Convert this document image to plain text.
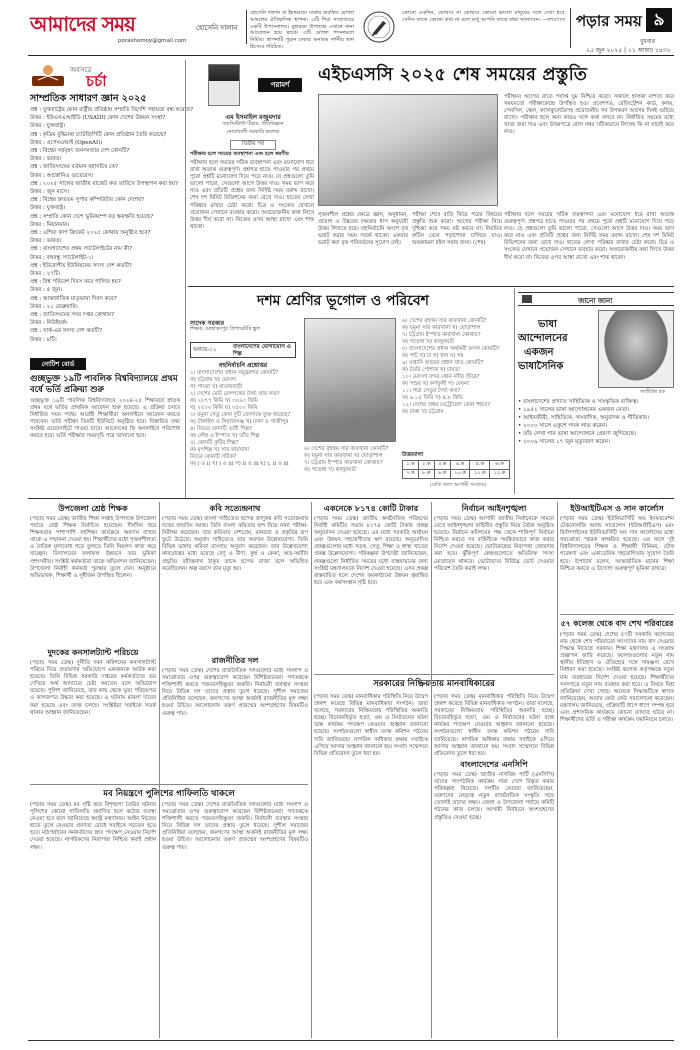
আমাদের সময়
porashomoy@gmail.com
হোসেনি দালান
হোসেনি দালান বা ইমামবাড়া ঢাকায় অবস্থিত মোগল আমলের ঐতিহাসিক স্থাপনা। এটি শিয়া সম্প্রদায়ের একটি উপাসনালয়। মুহাররম উপলক্ষে এখানে নানা আয়োজন হয়ে থাকে। এটি মোগল শাসনামলে নির্মিত। স্থাপনাটি পুরান ঢাকার অন্যতম দর্শনীয় স্থান হিসেবে পরিচিত।
কোনো একদিন, কোথাও না কোথাও কোনো ভালো মানুষের সঙ্গে দেখা হবে, সেদিন তাকে কোনো কথা না বলে শুধু আপনি তাকে শ্রদ্ধা জানাবেন। —লাওৎসে পড়ার সময় ৯
বুধবার
২৫ জুন ২০২৫ | ১১ আষাঢ় ১৪৩২
অবসরে
চর্চা
সাম্প্রতিক সাধারণ জ্ঞান ২০২৫
প্রশ্ন : যুক্তরাষ্ট্রের কোন রাষ্ট্রীয় প্রতিষ্ঠান সম্প্রতি বিদেশি সহায়তা বন্ধ করেছে?
উত্তর : ইউএসএআইডি (USAID) কোন দেশের উন্নয়ন সংস্থা?
উত্তর : যুক্তরাষ্ট্র।
প্রশ্ন : কৃত্রিম বুদ্ধিমত্তা চ্যাটজিপিটি কোন প্রতিষ্ঠান তৈরি করেছে?
উত্তর : ওপেনএআই (OpenAI)।
প্রশ্ন : বিশ্বের সর্ববৃহৎ জনসংখ্যার দেশ কোনটি?
উত্তর : ভারত।
প্রশ্ন : জাতিসংঘের বর্তমান মহাসচিব কে?
উত্তর : আন্তোনিও গুতেরেস।
প্রশ্ন : ২০২৫ সালের জাতীয় বাজেট কত তারিখে উপস্থাপন করা হয়?
উত্তর : জুন মাসে।
প্রশ্ন : বিশ্বের দ্রুততম সুপার কম্পিউটার কোন দেশের?
উত্তর : যুক্তরাষ্ট্র।
প্রশ্ন : সম্প্রতি কোন দেশে ভূমিকম্পে বড় ক্ষয়ক্ষতি হয়েছে?
উত্তর : মিয়ানমার।
প্রশ্ন : এশিয়া কাপ ক্রিকেট ২০২৫ কোথায় অনুষ্ঠিত হবে?
উত্তর : ভারত।
প্রশ্ন : বাংলাদেশের প্রথম স্যাটেলাইটের নাম কী?
উত্তর : বঙ্গবন্ধু স্যাটেলাইট-১।
প্রশ্ন : ইউরোপীয় ইউনিয়নের সদস্য দেশ কতটি?
উত্তর : ২৭টি।
প্রশ্ন : বিশ্ব পরিবেশ দিবস কবে পালিত হয়?
উত্তর : ৫ জুন।
প্রশ্ন : আন্তর্জাতিক মাতৃভাষা দিবস কবে?
উত্তর : ২১ ফেব্রুয়ারি।
প্রশ্ন : জাতিসংঘের সদর দপ্তর কোথায়?
উত্তর : নিউইয়র্ক।
প্রশ্ন : সার্ক-এর সদস্য দেশ কতটি?
উত্তর : ৮টি।
নোটিশ বোর্ড
গুচ্ছভুক্ত ১৯টি পাবলিক বিশ্ববিদ্যালয়ে প্রথম বর্ষে ভর্তি প্রক্রিয়া শুরু
গুচ্ছভুক্ত ১৯টি পাবলিক বিশ্ববিদ্যালয়ে ২০২৪-২৫ শিক্ষাবর্ষে স্নাতক প্রথম বর্ষে ভর্তির প্রাথমিক আবেদন শুরু হয়েছে। এ প্রক্রিয়া চলবে নির্ধারিত সময় পর্যন্ত। আগ্রহী শিক্ষার্থীরা অনলাইনে আবেদন করতে পারবেন। ভর্তি পরীক্ষা তিনটি ইউনিটে অনুষ্ঠিত হবে। বিস্তারিত তথ্য সংশ্লিষ্ট ওয়েবসাইটে পাওয়া যাবে। আবেদনের ফি অনলাইনে পরিশোধ করতে হবে। ভর্তি পরীক্ষার সময়সূচি পরে জানানো হবে।
পরামর্শ
এম ইসমাইল মজুমদার
অ্যাসিস্ট্যান্ট টিচার, জীববিজ্ঞান
নোয়াখালী সরকারি কলেজ
দ্বিতীয় পর্ব
পরীক্ষার হলে সময়ের ব্যবস্থাপনা এবং হলে করণীয়
পরীক্ষার হলে সময়ের সঠিক ব্যবস্থাপনা এবং মনোযোগ ধরে রাখা অত্যন্ত গুরুত্বপূর্ণ। প্রশ্নপত্র হাতে পাওয়ার পর প্রথমে পুরো প্রশ্নটি মনোযোগ দিয়ে পড়ে নাও। যে প্রশ্নগুলো তুমি ভালো পারো, সেগুলো আগে উত্তর দাও। সময় ভাগ করে নাও এবং প্রতিটি প্রশ্নের জন্য নির্দিষ্ট সময় বরাদ্দ রাখো। শেষ দশ মিনিট রিভিশনের জন্য রেখে দাও। হাতের লেখা পরিষ্কার রাখার চেষ্টা করো। চিত্র ও সংকেত যেখানে প্রয়োজন সেখানে ব্যবহার করো। অপ্রয়োজনীয় কথা লিখে উত্তর দীর্ঘ করো না। নিজের ওপর আস্থা রাখো এবং শান্ত থাকো।
এইচএসসি ২০২৫ শেষ সময়ের প্রস্তুতি
পরীক্ষার আগের রাতে পর্যাপ্ত ঘুম নিশ্চিত করো। সকালে হালকা নাশতা করে সময়মতো পরীক্ষাকেন্দ্রে উপস্থিত হও। প্রবেশপত্র, রেজিস্ট্রেশন কার্ড, কলম, পেনসিল, স্কেল, ক্যালকুলেটরসহ প্রয়োজনীয় সব উপকরণ আগের দিনই গুছিয়ে রাখো। পরীক্ষার হলে অন্য কারও সঙ্গে কথা বলবে না। নির্ধারিত সময়ের মধ্যে খাতা জমা দাও এবং উত্তরপত্রে রোল নম্বর সঠিকভাবে লিখেছ কি না যাচাই করে নাও।
সৃজনশীল প্রশ্নের ক্ষেত্রে জ্ঞান, অনুধাবন, প্রয়োগ ও উচ্চতর দক্ষতার ধাপ অনুযায়ী উত্তর লিখতে হবে। বহুনির্বাচনি অংশে বৃত্ত ভরাট করার সময় সতর্ক থাকো। একবার ভরাট করা বৃত্ত পরিবর্তনের সুযোগ নেই।
পরীক্ষা শেষে বাড়ি ফিরে পরের বিষয়ের প্রস্তুতি শুরু করো। আগের পরীক্ষা নিয়ে দুশ্চিন্তা করে সময় নষ্ট করবে না। নিয়মিত রুটিন মেনে পড়াশোনা চালিয়ে যাও। শুভকামনা রইল সবার জন্য। (শেষ)
পরীক্ষার হলে সময়ের সঠিক ব্যবস্থাপনা এবং মনোযোগ ধরে রাখা অত্যন্ত গুরুত্বপূর্ণ। প্রশ্নপত্র হাতে পাওয়ার পর প্রথমে পুরো প্রশ্নটি মনোযোগ দিয়ে পড়ে নাও। যে প্রশ্নগুলো তুমি ভালো পারো, সেগুলো আগে উত্তর দাও। সময় ভাগ করে নাও এবং প্রতিটি প্রশ্নের জন্য নির্দিষ্ট সময় বরাদ্দ রাখো। শেষ দশ মিনিট রিভিশনের জন্য রেখে দাও। হাতের লেখা পরিষ্কার রাখার চেষ্টা করো। চিত্র ও সংকেত যেখানে প্রয়োজন সেখানে ব্যবহার করো। অপ্রয়োজনীয় কথা লিখে উত্তর দীর্ঘ করো না। নিজের ওপর আস্থা রাখো এবং শান্ত থাকো।
দশম শ্রেণির ভূগোল ও পরিবেশ
সাদেক সরকার
শিক্ষক, মোহাম্মদপুর প্রিপারেটরি স্কুল
অধ্যায়-১১	বাংলাদেশের যোগাযোগ ও শিল্প
বহুনির্বাচনি প্রশ্নোত্তর
১। বাংলাদেশের প্রধান সমুদ্রবন্দর কোনটি?
ক) চট্টগ্রাম খ) মোংলা
গ) পায়রা ঘ) মাতারবাড়ী
২। দেশের মোট রেলপথের দৈর্ঘ্য প্রায় কত?
ক) ২৮৭৭ কিমি খ) ৩০৯৩ কিমি
গ) ২৫০০ কিমি ঘ) ৩৫০০ কিমি
৩। যমুনা সেতু কোন দুটি জেলাকে যুক্ত করেছে?
ক) টাঙ্গাইল ও সিরাজগঞ্জ খ) ঢাকা ও গাজীপুর
৪। নিচের কোনটি ভারী শিল্প?
ক) লৌহ ও ইস্পাত খ) তাঁত শিল্প
৫। কোনটি কুটির শিল্প?
ক) মৃৎশিল্প খ) সার কারখানা
নিচের কোনটি সঠিক?
ক) i ও ii খ) i ও iii গ) ii ও iii ঘ) i, ii ও iii
৬। দেশের বৃহত্তম সার কারখানা কোনটি?
ক) যমুনা সার কারখানা খ) ঘোড়াশাল
৭। চট্টগ্রাম ইস্পাত কারখানা কোথায়?
ক) পতেঙ্গা খ) কালুরঘাট
৬। দেশের বৃহত্তম সার কারখানা কোনটি?
ক) যমুনা সার কারখানা খ) ঘোড়াশাল
৭। চট্টগ্রাম ইস্পাত কারখানা কোথায়?
ক) পতেঙ্গা খ) কালুরঘাট
৮। বাংলাদেশের প্রধান অর্থকরী ফসল কোনটি?
ক) পাট খ) চা গ) ধান ঘ) গম
৯। রপ্তানি আয়ের প্রধান খাত কোনটি?
ক) তৈরি পোশাক খ) চামড়া
১০। মোংলা বন্দর কোন নদীর তীরে?
ক) পশুর খ) কর্ণফুলী গ) মেঘনা
১১। পদ্মা সেতুর দৈর্ঘ্য কত?
ক) ৬.১৫ কিমি খ) ৪.৮ কিমি
১২। দেশের প্রথম মেট্রোরেল কোন শহরে?
ক) ঢাকা খ) চট্টগ্রাম
উত্তরমালা
১.ক	২.ক	৩.ক	৪.ক	৫.ক	৬.ক
৭.ক	৮.ক	৯.ক	১০.ক	১১.ক	১২.ক
(বাকি অংশ আগামী সংখ্যায়)
জানো জানা
ভাষা
আন্দোলনের
একজন
ভাষাসৈনিক
গাজীউল হক
• বাংলাদেশের প্রখ্যাত সাহিত্যিক ও সাংস্কৃতিক ব্যক্তিত্ব।
• ১৯৫২ সালের ভাষা আন্দোলনের একজন নেতা।
• আইনজীবী, সাহিত্যিক, সাংবাদিক, অনুবাদক ও গীতিকার।
• ২০০০ সালে একুশে পদক লাভ করেন।
• তাঁর লেখা গান ভাষা আন্দোলনে প্রেরণা জুগিয়েছে।
• ২০০৯ সালের ১৭ জুন মৃত্যুবরণ করেন।
উপজেলা শ্রেষ্ঠ শিক্ষক
(পড়ার সময় ডেস্ক) জাতীয় শিক্ষা সপ্তাহ উপলক্ষে উপজেলা পর্যায়ে শ্রেষ্ঠ শিক্ষক নির্বাচিত হয়েছেন। দীর্ঘদিন ধরে শিক্ষকতার পাশাপাশি সহশিক্ষা কার্যক্রমে অবদান রাখায় তাকে এ সম্মাননা দেওয়া হয়। শিক্ষার্থীদের মধ্যে সৃজনশীলতা ও নৈতিক মূল্যবোধ গড়ে তুলতে তিনি নিরলস কাজ করে যাচ্ছেন। বিদ্যালয়ের ফলাফল উন্নয়নে তার ভূমিকা প্রশংসনীয়। সংশ্লিষ্ট কর্মকর্তারা তাকে অভিনন্দন জানিয়েছেন। উপজেলা নির্বাহী কর্মকর্তা পুরস্কার তুলে দেন। অনুষ্ঠানে অভিভাবক, শিক্ষার্থী ও সুধীজন উপস্থিত ছিলেন।
দুদকের কনসালট্যান্ট পরিচয়ে
(পড়ার সময় ডেস্ক) দুর্নীতি দমন কমিশনের কনসালট্যান্ট পরিচয় দিয়ে প্রতারণার অভিযোগে একজনকে আটক করা হয়েছে। তিনি বিভিন্ন সরকারি দপ্তরের কর্মকর্তাদের ভয় দেখিয়ে অর্থ আদায়ের চেষ্টা করতেন বলে অভিযোগ রয়েছে। পুলিশ জানিয়েছে, তার কাছ থেকে ভুয়া পরিচয়পত্র ও কাগজপত্র উদ্ধার করা হয়েছে। এ ঘটনায় মামলা দায়ের করা হয়েছে এবং তদন্ত চলছে। সংশ্লিষ্টরা সবাইকে সতর্ক থাকার আহ্বান জানিয়েছেন।
মব নিয়ন্ত্রণে পুলিশের গাফিলতি থাকলে
(পড়ার সময় ডেস্ক) মব সৃষ্টি করে বিশৃঙ্খলা তৈরির ঘটনায় পুলিশের কোনো গাফিলতি প্রমাণিত হলে কঠোর ব্যবস্থা নেওয়া হবে বলে জানিয়েছে স্বরাষ্ট্র মন্ত্রণালয়। আইন নিজের হাতে তুলে নেওয়ার প্রবণতা রোধে সবাইকে সচেতন হতে হবে। মাঠপর্যায়ের কর্মকর্তাদের দ্রুত পদক্ষেপ নেওয়ার নির্দেশ দেওয়া হয়েছে। নাগরিকদের নিরাপত্তা নিশ্চিত করাই প্রধান লক্ষ্য।
কবি সত্যেন্দ্রনাথ
(পড়ার সময় ডেস্ক) বাংলা সাহিত্যের ছন্দের জাদুকর কবি সত্যেন্দ্রনাথ দত্তের জন্মদিন আজ। তিনি বাংলা কবিতায় ছন্দ নিয়ে নানা পরীক্ষা-নিরীক্ষা করেছেন। তার কবিতায় দেশপ্রেম, মানবতা ও প্রকৃতির রূপ ফুটে উঠেছে। অনুবাদ সাহিত্যেও তার অবদান উল্লেখযোগ্য। তিনি বিভিন্ন ভাষার কবিতা বাংলায় অনুবাদ করেছেন। তার উল্লেখযোগ্য কাব্যগ্রন্থের মধ্যে রয়েছে বেণু ও বীণা, কুহু ও কেকা, অভ্র-আবীর প্রভৃতি। রবীন্দ্রনাথ ঠাকুর তাকে ছন্দের রাজা বলে অভিহিত করেছিলেন। অল্প বয়সে তার মৃত্যু হয়।
রাজনীতির দল
(পড়ার সময় ডেস্ক) দেশের রাজনৈতিক দলগুলোর মধ্যে সংলাপ ও সমঝোতার ওপর গুরুত্বারোপ করেছেন বিশিষ্টজনেরা। গণতন্ত্রকে শক্তিশালী করতে পরমতসহিষ্ণুতা জরুরি। নির্বাচনী ব্যবস্থার সংস্কার নিয়ে বিভিন্ন দল তাদের প্রস্তাব তুলে ধরেছে। সুশীল সমাজের প্রতিনিধিরা বলেছেন, জনগণের আস্থা অর্জনই রাজনীতির মূল লক্ষ্য হওয়া উচিত। আলোচনায় তরুণ প্রজন্মের অংশগ্রহণের বিষয়টিও গুরুত্ব পায়।
(পড়ার সময় ডেস্ক) দেশের রাজনৈতিক দলগুলোর মধ্যে সংলাপ ও সমঝোতার ওপর গুরুত্বারোপ করেছেন বিশিষ্টজনেরা। গণতন্ত্রকে শক্তিশালী করতে পরমতসহিষ্ণুতা জরুরি। নির্বাচনী ব্যবস্থার সংস্কার নিয়ে বিভিন্ন দল তাদের প্রস্তাব তুলে ধরেছে। সুশীল সমাজের প্রতিনিধিরা বলেছেন, জনগণের আস্থা অর্জনই রাজনীতির মূল লক্ষ্য হওয়া উচিত। আলোচনায় তরুণ প্রজন্মের অংশগ্রহণের বিষয়টিও গুরুত্ব পায়।
একনেকে ৮১৭৪ কোটি টাকার
(পড়ার সময় ডেস্ক) জাতীয় অর্থনৈতিক পরিষদের নির্বাহী কমিটির সভায় ৮১৭৪ কোটি টাকার প্রকল্প অনুমোদন দেওয়া হয়েছে। এর মধ্যে সরকারি অর্থায়ন এবং উন্নয়ন সহযোগীদের ঋণ রয়েছে। অনুমোদিত প্রকল্পগুলোর মধ্যে সড়ক, সেতু, শিক্ষা ও স্বাস্থ্য খাতের প্রকল্প উল্লেখযোগ্য। পরিকল্পনা উপদেষ্টা জানিয়েছেন, প্রকল্পগুলো নির্ধারিত সময়ের মধ্যে বাস্তবায়নের জন্য সংশ্লিষ্ট মন্ত্রণালয়কে নির্দেশ দেওয়া হয়েছে। এসব প্রকল্প বাস্তবায়িত হলে দেশের অবকাঠামো উন্নয়ন ত্বরান্বিত হবে এবং কর্মসংস্থান সৃষ্টি হবে।
সরকারের নিষ্ক্রিয়তায় মানবাধিকারের
(পড়ার সময় ডেস্ক) মানবাধিকার পরিস্থিতি নিয়ে উদ্বেগ প্রকাশ করেছে বিভিন্ন মানবাধিকার সংগঠন। তারা বলেছে, সরকারের নিষ্ক্রিয়তায় পরিস্থিতির অবনতি হচ্ছে। বিচারবহির্ভূত হত্যা, গুম ও নির্যাতনের ঘটনা বন্ধে কার্যকর পদক্ষেপ নেওয়ার আহ্বান জানানো হয়েছে। সংগঠনগুলো স্বাধীন তদন্ত কমিশন গঠনের দাবি জানিয়েছে। নাগরিক অধিকার রক্ষায় সবাইকে এগিয়ে আসার আহ্বান জানানো হয়। সংবাদ সম্মেলনে বিভিন্ন প্রতিবেদন তুলে ধরা হয়।
নির্বাচন আইনশৃঙ্খলা
(পড়ার সময় ডেস্ক) আগামী জাতীয় নির্বাচনকে সামনে রেখে আইনশৃঙ্খলা বাহিনীর প্রস্তুতি নিয়ে বৈঠক অনুষ্ঠিত হয়েছে। নির্বাচন কমিশনের পক্ষ থেকে শান্তিপূর্ণ নির্বাচন নিশ্চিত করতে সব বাহিনীকে সমন্বিতভাবে কাজ করার নির্দেশ দেওয়া হয়েছে। ভোটকেন্দ্রের নিরাপত্তা জোরদার করা হবে। ঝুঁকিপূর্ণ কেন্দ্রগুলোতে অতিরিক্ত সদস্য মোতায়েন থাকবে। ভোটারদের নির্বিঘ্নে ভোট দেওয়ার পরিবেশ তৈরি করাই লক্ষ্য।
(পড়ার সময় ডেস্ক) মানবাধিকার পরিস্থিতি নিয়ে উদ্বেগ প্রকাশ করেছে বিভিন্ন মানবাধিকার সংগঠন। তারা বলেছে, সরকারের নিষ্ক্রিয়তায় পরিস্থিতির অবনতি হচ্ছে। বিচারবহির্ভূত হত্যা, গুম ও নির্যাতনের ঘটনা বন্ধে কার্যকর পদক্ষেপ নেওয়ার আহ্বান জানানো হয়েছে। সংগঠনগুলো স্বাধীন তদন্ত কমিশন গঠনের দাবি জানিয়েছে। নাগরিক অধিকার রক্ষায় সবাইকে এগিয়ে আসার আহ্বান জানানো হয়। সংবাদ সম্মেলনে বিভিন্ন প্রতিবেদন তুলে ধরা হয়।
বাংলাদেশের এনসিপি
(পড়ার সময় ডেস্ক) জাতীয় নাগরিক পার্টি (এনসিপি) তাদের সাংগঠনিক কার্যক্রম সারা দেশে বিস্তৃত করার পরিকল্পনা নিয়েছে। দলটির নেতারা জানিয়েছেন, তরুণদের নেতৃত্বে নতুন রাজনৈতিক সংস্কৃতি গড়ে তোলাই তাদের লক্ষ্য। জেলা ও উপজেলা পর্যায়ে কমিটি গঠনের কাজ চলছে। আগামী নির্বাচনে অংশগ্রহণের প্রস্তুতিও নেওয়া হচ্ছে।
ইউআইটিএস ও সান কার্লোস
(পড়ার সময় ডেস্ক) ইউনিভার্সিটি অব ইনফরমেশন টেকনোলজি অ্যান্ড সায়েন্সেস (ইউআইটিএস) এবং ফিলিপাইনের ইউনিভার্সিটি অব সান কার্লোসের মধ্যে সমঝোতা স্মারক স্বাক্ষরিত হয়েছে। এর ফলে দুই বিশ্ববিদ্যালয়ের শিক্ষক ও শিক্ষার্থী বিনিময়, যৌথ গবেষণা এবং একাডেমিক সহযোগিতার সুযোগ তৈরি হবে। উপাচার্য বলেন, আন্তর্জাতিক মানের শিক্ষা নিশ্চিত করতে এ উদ্যোগ গুরুত্বপূর্ণ ভূমিকা রাখবে।
৫৭ কলেজ থেকে বাদ শেখ পরিবারের
(পড়ার সময় ডেস্ক) দেশের ৫৭টি সরকারি কলেজের নাম থেকে শেখ পরিবারের সদস্যদের নাম বাদ দেওয়ার সিদ্ধান্ত নিয়েছে সরকার। শিক্ষা মন্ত্রণালয় এ সংক্রান্ত প্রজ্ঞাপন জারি করেছে। কলেজগুলোর নতুন নাম স্থানীয় ইতিহাস ও ঐতিহ্যের সঙ্গে সামঞ্জস্য রেখে নির্ধারণ করা হয়েছে। সংশ্লিষ্ট কলেজ কর্তৃপক্ষকে নতুন নাম ব্যবহারের নির্দেশ দেওয়া হয়েছে। শিক্ষার্থীদের সনদপত্রে নতুন নাম ব্যবহার করা হবে। এ বিষয়ে মিশ্র প্রতিক্রিয়া দেখা গেছে। অনেকে সিদ্ধান্তটিকে স্বাগত জানিয়েছেন, আবার কেউ কেউ সমালোচনা করেছেন। মন্ত্রণালয় জানিয়েছে, প্রক্রিয়াটি ধাপে ধাপে সম্পন্ন হবে এবং প্রশাসনিক কার্যক্রমে কোনো ব্যাঘাত ঘটবে না। শিক্ষার্থীদের ভর্তি ও পরীক্ষা কার্যক্রম যথানিয়মে চলবে।
